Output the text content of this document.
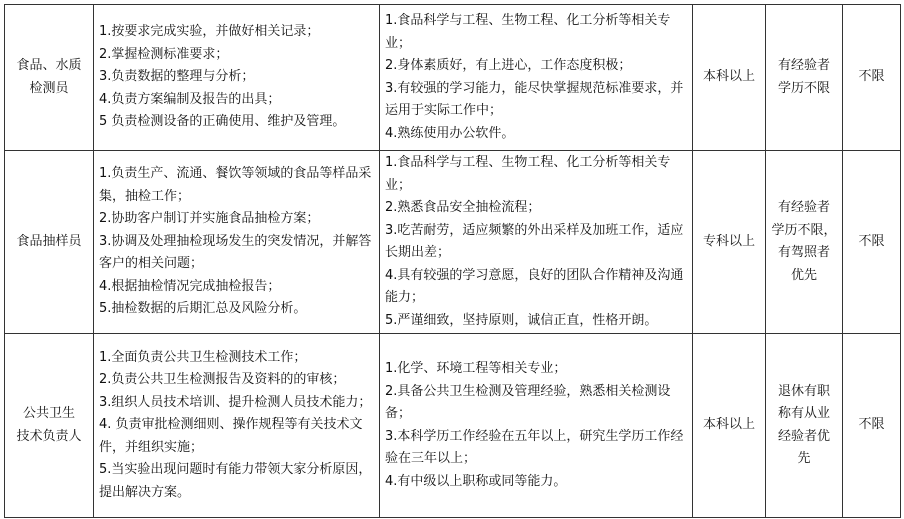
食品、水质
检测员	1.按要求完成实验，并做好相关记录；
2.掌握检测标准要求；
3.负责数据的整理与分析；
4.负责方案编制及报告的出具；
5 负责检测设备的正确使用、维护及管理。	1.食品科学与工程、生物工程、化工分析等相关专业；
2.身体素质好，有上进心，工作态度积极；
3.有较强的学习能力，能尽快掌握规范标准要求，并运用于实际工作中；
4.熟练使用办公软件。	本科以上	有经验者
学历不限	不限

食品抽样员	1.负责生产、流通、餐饮等领域的食品等样品采集，抽检工作；
2.协助客户制订并实施食品抽检方案；
3.协调及处理抽检现场发生的突发情况，并解答客户的相关问题；
4.根据抽检情况完成抽检报告；
5.抽检数据的后期汇总及风险分析。	1.食品科学与工程、生物工程、化工分析等相关专业；
2.熟悉食品安全抽检流程；
3.吃苦耐劳，适应频繁的外出采样及加班工作，适应长期出差；
4.具有较强的学习意愿，良好的团队合作精神及沟通能力；
5.严谨细致，坚持原则，诚信正直，性格开朗。	专科以上	有经验者
学历不限，
有驾照者
优先	不限

公共卫生
技术负责人	1.全面负责公共卫生检测技术工作；
2.负责公共卫生检测报告及资料的的审核；
3.组织人员技术培训、提升检测人员技术能力；
4. 负责审批检测细则、操作规程等有关技术文件，并组织实施；
5.当实验出现问题时有能力带领大家分析原因，提出解决方案。	1.化学、环境工程等相关专业；
2.具备公共卫生检测及管理经验，熟悉相关检测设备；
3.本科学历工作经验在五年以上，研究生学历工作经验在三年以上；
4.有中级以上职称或同等能力。	本科以上	退休有职
称有从业
经验者优
先	不限
